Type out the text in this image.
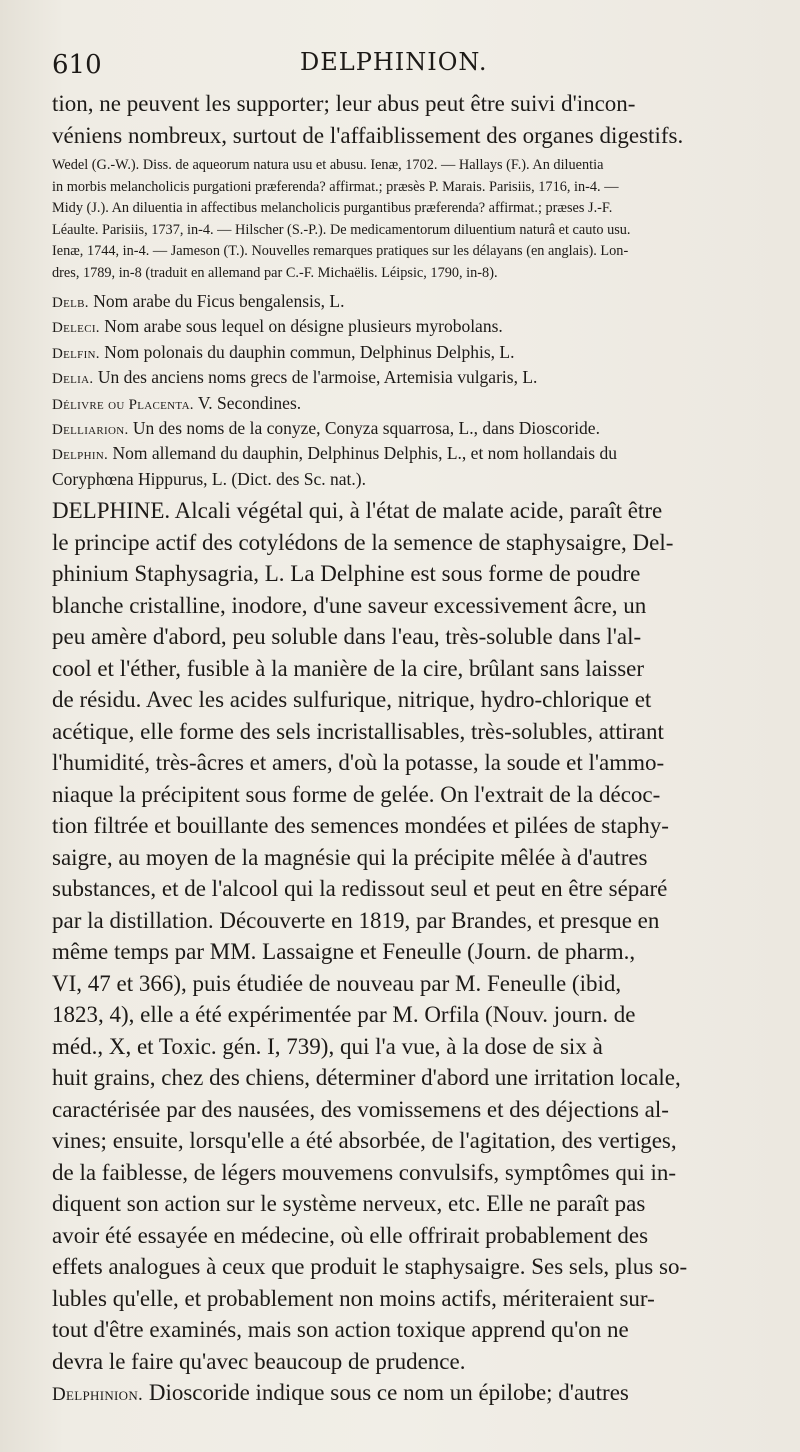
610	DELPHINION.
tion, ne peuvent les supporter; leur abus peut être suivi d'incon-
véniens nombreux, surtout de l'affaiblissement des organes digestifs.
Wedel (G.-W.). Diss. de aqueorum natura usu et abusu. Ienæ, 1702. — Hallays (F.). An diluentia
in morbis melancholicis purgationi præferenda? affirmat.; præsès P. Marais. Parisiis, 1716, in-4. —
Midy (J.). An diluentia in affectibus melancholicis purgantibus præferenda? affirmat.; præses J.-F.
Léaulte. Parisiis, 1737, in-4. — Hilscher (S.-P.). De medicamentorum diluentium naturâ et cauto usu.
Ienæ, 1744, in-4. — Jameson (T.). Nouvelles remarques pratiques sur les délayans (en anglais). Lon-
dres, 1789, in-8 (traduit en allemand par C.-F. Michaëlis. Léipsic, 1790, in-8).
Delb. Nom arabe du Ficus bengalensis, L.
Deleci. Nom arabe sous lequel on désigne plusieurs myrobolans.
Delfin. Nom polonais du dauphin commun, Delphinus Delphis, L.
Delia. Un des anciens noms grecs de l'armoise, Artemisia vulgaris, L.
Délivre ou Placenta. V. Secondines.
Delliarion. Un des noms de la conyze, Conyza squarrosa, L., dans Dioscoride.
Delphin. Nom allemand du dauphin, Delphinus Delphis, L., et nom hollandais du
Coryphœna Hippurus, L. (Dict. des Sc. nat.).
DELPHINE. Alcali végétal qui, à l'état de malate acide, paraît être
le principe actif des cotylédons de la semence de staphysaigre, Del-
phinium Staphysagria, L. La Delphine est sous forme de poudre
blanche cristalline, inodore, d'une saveur excessivement âcre, un
peu amère d'abord, peu soluble dans l'eau, très-soluble dans l'al-
cool et l'éther, fusible à la manière de la cire, brûlant sans laisser
de résidu. Avec les acides sulfurique, nitrique, hydro-chlorique et
acétique, elle forme des sels incristallisables, très-solubles, attirant
l'humidité, très-âcres et amers, d'où la potasse, la soude et l'ammo-
niaque la précipitent sous forme de gelée. On l'extrait de la décoc-
tion filtrée et bouillante des semences mondées et pilées de staphy-
saigre, au moyen de la magnésie qui la précipite mêlée à d'autres
substances, et de l'alcool qui la redissout seul et peut en être séparé
par la distillation. Découverte en 1819, par Brandes, et presque en
même temps par MM. Lassaigne et Feneulle (Journ. de pharm.,
VI, 47 et 366), puis étudiée de nouveau par M. Feneulle (ibid,
1823, 4), elle a été expérimentée par M. Orfila (Nouv. journ. de
méd., X, et Toxic. gén. I, 739), qui l'a vue, à la dose de six à
huit grains, chez des chiens, déterminer d'abord une irritation locale,
caractérisée par des nausées, des vomissemens et des déjections al-
vines; ensuite, lorsqu'elle a été absorbée, de l'agitation, des vertiges,
de la faiblesse, de légers mouvemens convulsifs, symptômes qui in-
diquent son action sur le système nerveux, etc. Elle ne paraît pas
avoir été essayée en médecine, où elle offrirait probablement des
effets analogues à ceux que produit le staphysaigre. Ses sels, plus so-
lubles qu'elle, et probablement non moins actifs, mériteraient sur-
tout d'être examinés, mais son action toxique apprend qu'on ne
devra le faire qu'avec beaucoup de prudence.
Delphinion. Dioscoride indique sous ce nom un épilobe; d'autres
